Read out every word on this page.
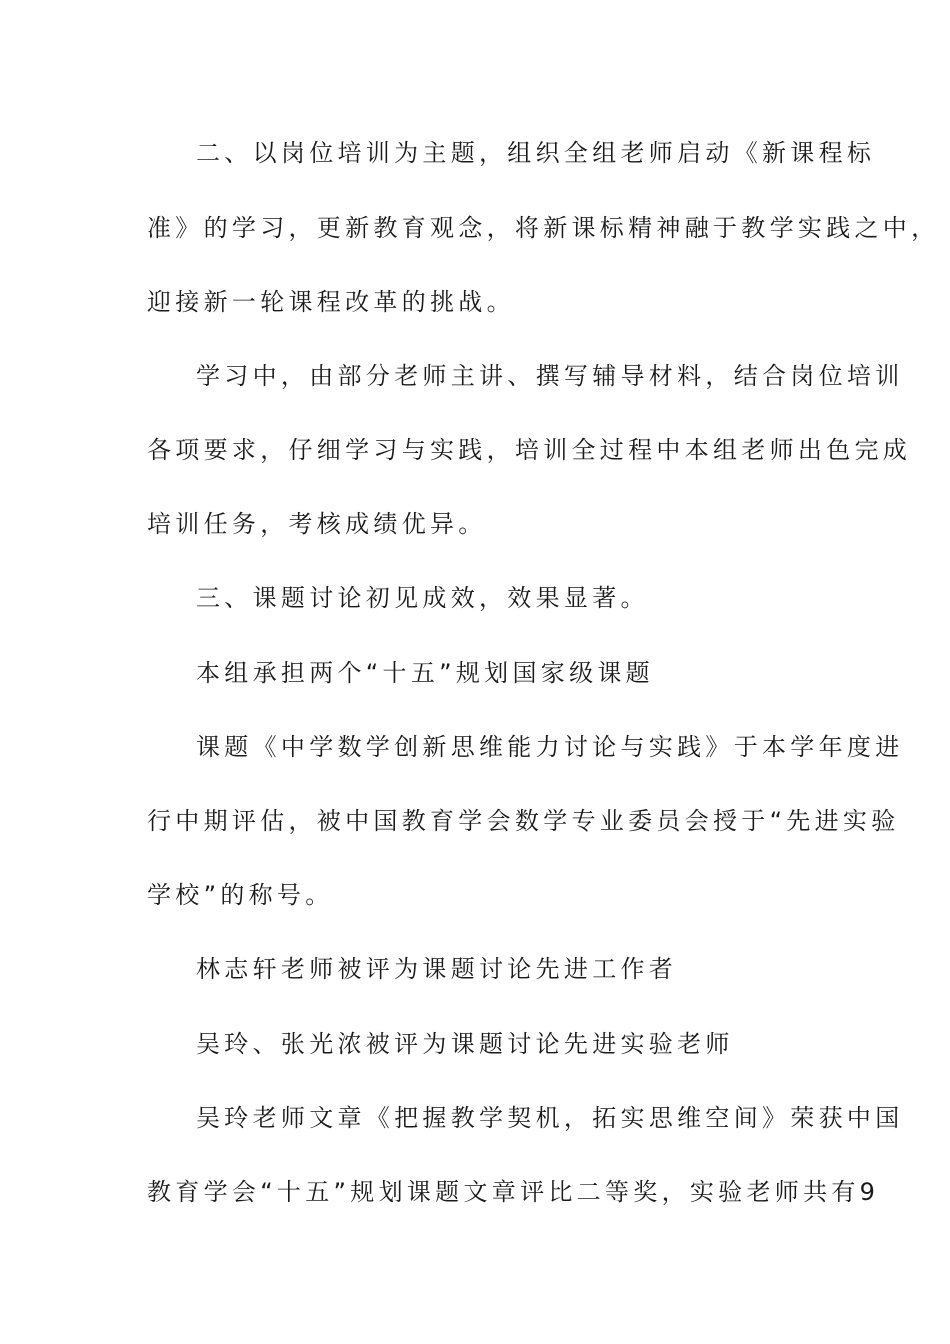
二、以岗位培训为主题，组织全组老师启动《新课程标
准》的学习，更新教育观念，将新课标精神融于教学实践之中，
迎接新一轮课程改革的挑战。
学习中，由部分老师主讲、撰写辅导材料，结合岗位培训
各项要求，仔细学习与实践，培训全过程中本组老师出色完成
培训任务，考核成绩优异。
三、课题讨论初见成效，效果显著。
本组承担两个“十五”规划国家级课题
课题《中学数学创新思维能力讨论与实践》于本学年度进
行中期评估，被中国教育学会数学专业委员会授于“先进实验
学校”的称号。
林志轩老师被评为课题讨论先进工作者
吴玲、张光浓被评为课题讨论先进实验老师
吴玲老师文章《把握教学契机，拓实思维空间》荣获中国
教育学会“十五”规划课题文章评比二等奖，实验老师共有9
